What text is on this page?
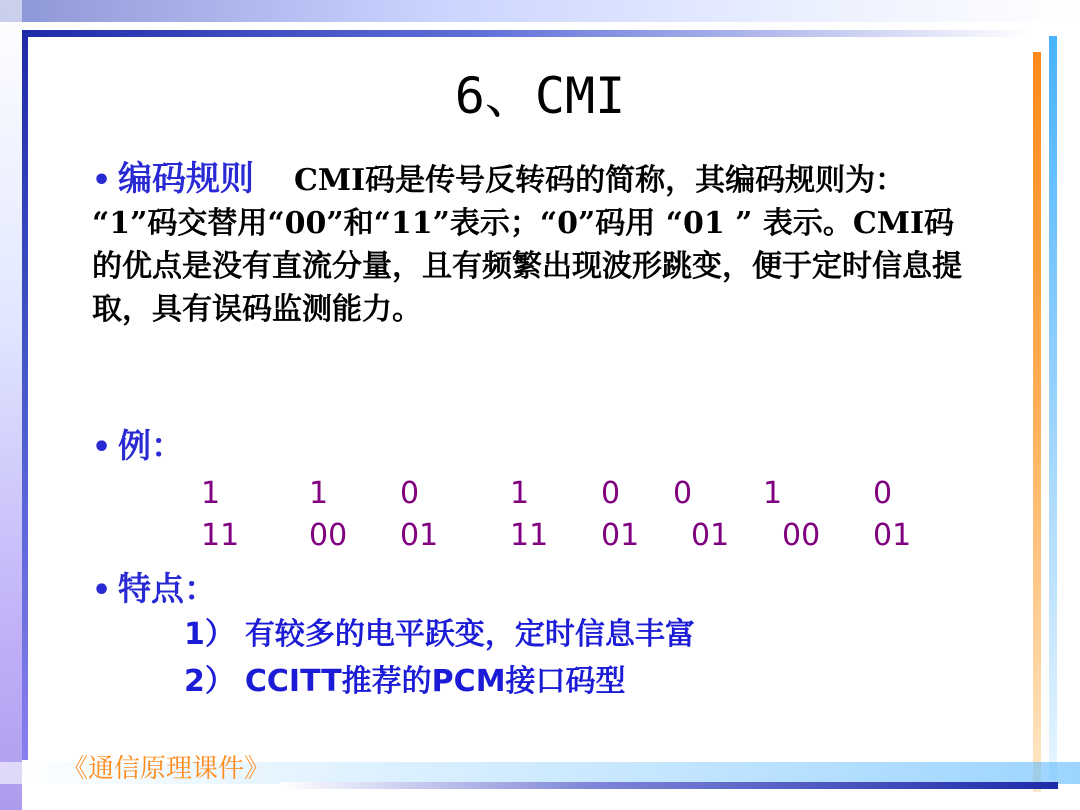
6、CMI
• 编码规则 CMI码是传号反转码的简称，其编码规则为： “1”码交替用“00”和“11”表示；“0”码用 “01 ” 表示。CMI码的优点是没有直流分量，且有频繁出现波形跳变，便于定时信息提取，具有误码监测能力。
• 例：
1	1 0	1 0 0 1	0
11 00 01 11 01 01 00 01
• 特点：
1） 有较多的电平跃变，定时信息丰富
2） CCITT推荐的PCM接口码型
《通信原理课件》
